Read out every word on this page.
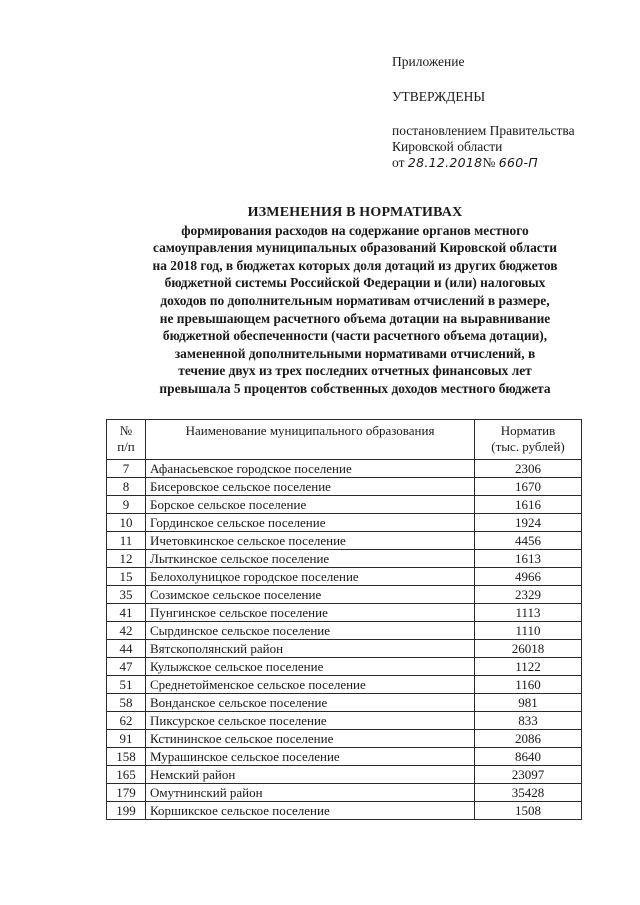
Приложение
УТВЕРЖДЕНЫ
постановлением Правительства
Кировской области
от 28.12.2018№ 660-П
ИЗМЕНЕНИЯ В НОРМАТИВАХ
формирования расходов на содержание органов местного
самоуправления муниципальных образований Кировской области
на 2018 год, в бюджетах которых доля дотаций из других бюджетов
бюджетной системы Российской Федерации и (или) налоговых
доходов по дополнительным нормативам отчислений в размере,
не превышающем расчетного объема дотации на выравнивание
бюджетной обеспеченности (части расчетного объема дотации),
замененной дополнительными нормативами отчислений, в
течение двух из трех последних отчетных финансовых лет
превышала 5 процентов собственных доходов местного бюджета
№
п/п	Наименование муниципального образования	Норматив
(тыс. рублей)

7	Афанасьевское городское поселение	2306
8	Бисеровское сельское поселение	1670
9	Борское сельское поселение	1616
10	Гординское сельское поселение	1924
11	Ичетовкинское сельское поселение	4456
12	Лыткинское сельское поселение	1613
15	Белохолуницкое городское поселение	4966
35	Созимское сельское поселение	2329
41	Пунгинское сельское поселение	1113
42	Сырдинское сельское поселение	1110
44	Вятскополянский район	26018
47	Кулыжское сельское поселение	1122
51	Среднетойменское сельское поселение	1160
58	Вонданское сельское поселение	981
62	Пиксурское сельское поселение	833
91	Кстининское сельское поселение	2086
158	Мурашинское сельское поселение	8640
165	Немский район	23097
179	Омутнинский район	35428
199	Коршикское сельское поселение	1508
